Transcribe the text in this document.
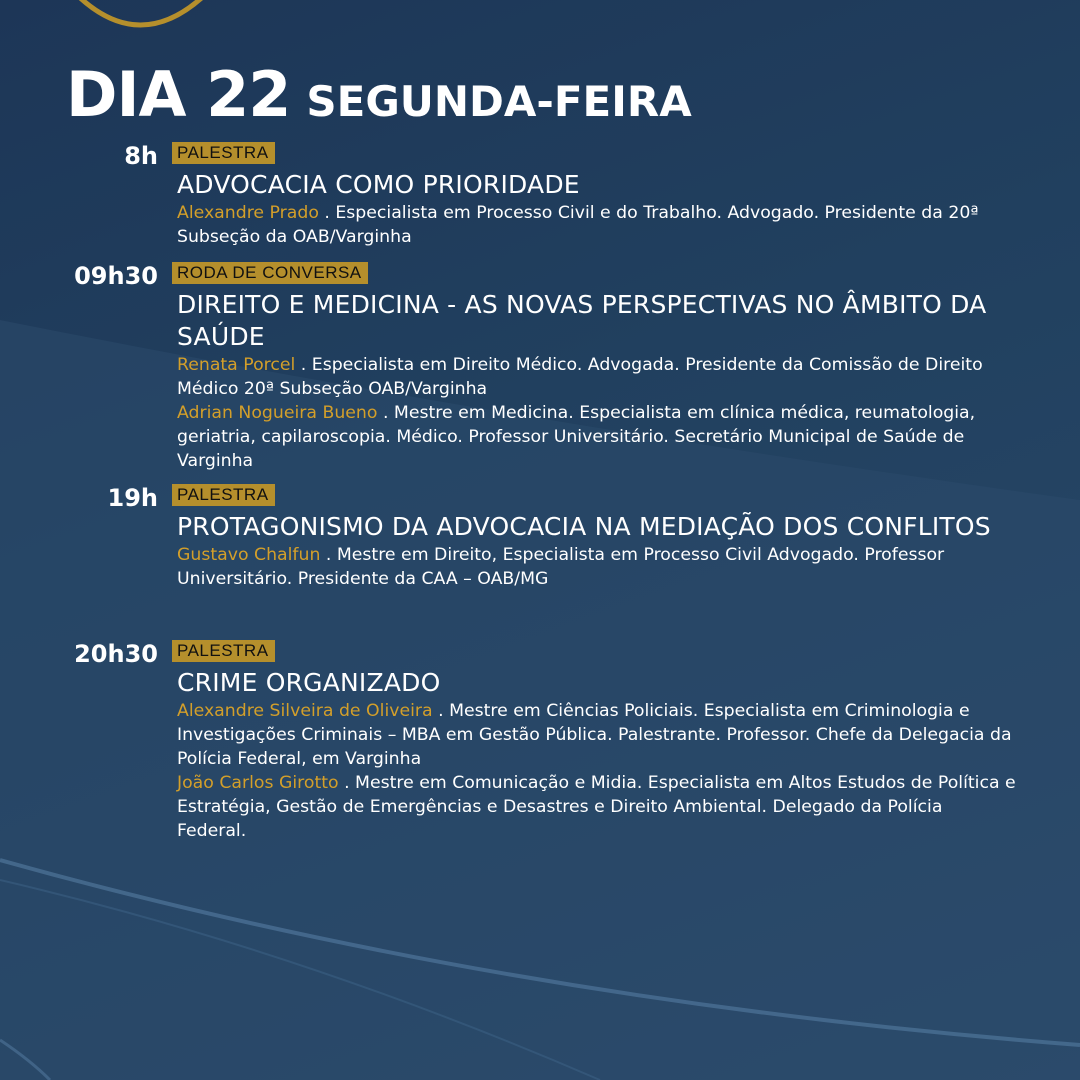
DIA 22 SEGUNDA-FEIRA
8h PALESTRA
ADVOCACIA COMO PRIORIDADE
Alexandre Prado . Especialista em Processo Civil e do Trabalho. Advogado. Presidente da 20ª Subseção da OAB/Varginha
09h30 RODA DE CONVERSA
DIREITO E MEDICINA - AS NOVAS PERSPECTIVAS NO ÂMBITO DA SAÚDE
Renata Porcel . Especialista em Direito Médico. Advogada. Presidente da Comissão de Direito Médico 20ª Subseção OAB/Varginha
Adrian Nogueira Bueno . Mestre em Medicina. Especialista em clínica médica, reumatologia, geriatria, capilaroscopia. Médico. Professor Universitário. Secretário Municipal de Saúde de Varginha
19h PALESTRA
PROTAGONISMO DA ADVOCACIA NA MEDIAÇÃO DOS CONFLITOS
Gustavo Chalfun . Mestre em Direito, Especialista em Processo Civil Advogado. Professor Universitário. Presidente da CAA – OAB/MG
20h30 PALESTRA
CRIME ORGANIZADO
Alexandre Silveira de Oliveira . Mestre em Ciências Policiais. Especialista em Criminologia e Investigações Criminais – MBA em Gestão Pública. Palestrante. Professor. Chefe da Delegacia da Polícia Federal, em Varginha
João Carlos Girotto . Mestre em Comunicação e Midia. Especialista em Altos Estudos de Política e Estratégia, Gestão de Emergências e Desastres e Direito Ambiental. Delegado da Polícia Federal.
